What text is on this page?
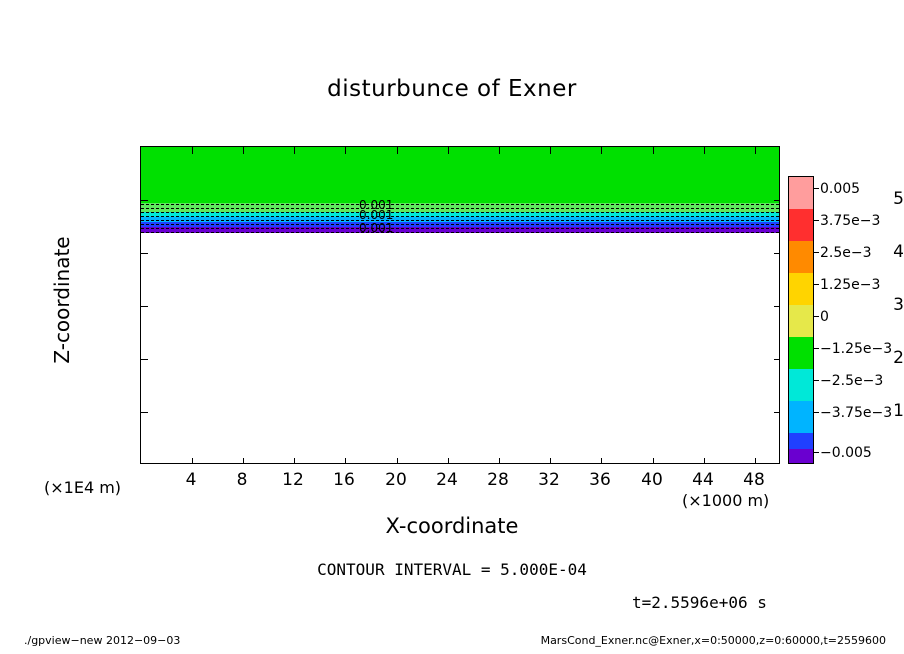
disturbunce of Exner
0.001
0.001
0.001
1
2
3
4
5
4	8	12	16	20	24	28	32	36	40	44	48
Z-coordinate
X-coordinate
(×1E4 m)
(×1000 m)
CONTOUR INTERVAL = 5.000E-04
t=2.5596e+06 s
0.005
3.75e−3
2.5e−3
1.25e−3
0
−1.25e−3
−2.5e−3
−3.75e−3
−0.005
./gpview−new 2012−09−03	MarsCond_Exner.nc@Exner,x=0:50000,z=0:60000,t=2559600
